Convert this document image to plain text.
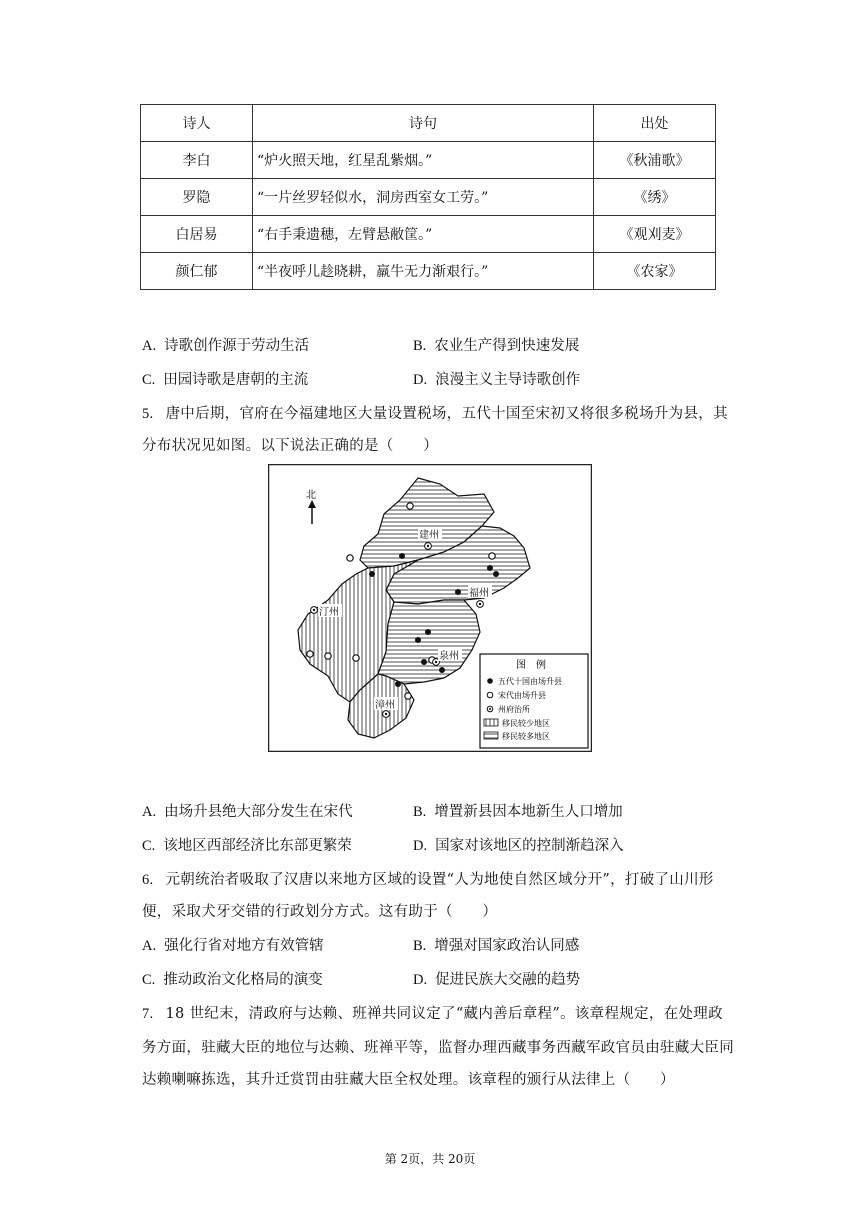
诗人	诗句	出处
李白	“炉火照天地，红星乱紫烟。”	《秋浦歌》
罗隐	“一片丝罗轻似水，洞房西室女工劳。”	《绣》
白居易	“右手秉遗穗，左臂悬敝筐。”	《观刈麦》
颜仁郁	“半夜呼儿趁晓耕，羸牛无力渐艰行。”	《农家》
A. 诗歌创作源于劳动生活	B. 农业生产得到快速发展
C. 田园诗歌是唐朝的主流	D. 浪漫主义主导诗歌创作
5. 唐中后期，官府在今福建地区大量设置税场，五代十国至宋初又将很多税场升为县，其
分布状况见如图。以下说法正确的是（　　）
北
建州
福州
汀州
泉州
漳州
图　例
五代十国由场升县
宋代由场升县
州府治所
移民较少地区
移民较多地区
A. 由场升县绝大部分发生在宋代	B. 增置新县因本地新生人口增加
C. 该地区西部经济比东部更繁荣	D. 国家对该地区的控制渐趋深入
6. 元朝统治者吸取了汉唐以来地方区域的设置“人为地使自然区域分开”，打破了山川形
便，采取犬牙交错的行政划分方式。这有助于（　　）
A. 强化行省对地方有效管辖	B. 增强对国家政治认同感
C. 推动政治文化格局的演变	D. 促进民族大交融的趋势
7. 18 世纪末，清政府与达赖、班禅共同议定了“藏内善后章程”。该章程规定，在处理政
务方面，驻藏大臣的地位与达赖、班禅平等，监督办理西藏事务西藏军政官员由驻藏大臣同
达赖喇嘛拣选，其升迁赏罚由驻藏大臣全权处理。该章程的颁行从法律上（　　）
第 2页，共 20页
